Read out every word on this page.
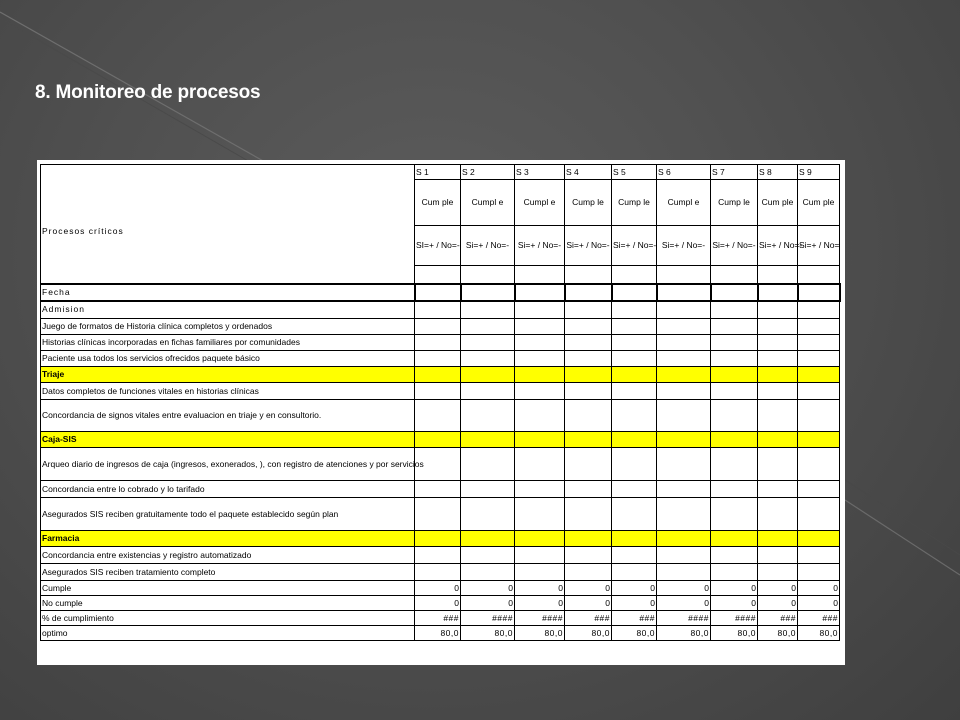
8. Monitoreo de procesos
	S 1	S 2	S 3	S 4	S 5	S 6	S 7	S 8	S 9
Procesos críticos	Cum ple	Cumpl e	Cumpl e	Cump le	Cump le	Cumpl e	Cump le	Cum ple	Cum ple
	SI=+ / No=-	Si=+ / No=-	Si=+ / No=-	Si=+ / No=-	Si=+ / No=-	Si=+ / No=-	Si=+ / No=-	Si=+ / No=-	Si=+ / No=

Fecha									
Admision									
Juego de formatos de Historia clínica completos y ordenados									
Historias clínicas incorporadas en fichas familiares por comunidades									
Paciente usa todos los servicios ofrecidos paquete básico									
Triaje									
Datos completos de funciones vitales en historias clínicas									
Concordancia de signos vitales entre evaluacion en triaje y en consultorio.									
Caja-SIS									
Arqueo diario de ingresos de caja (ingresos, exonerados, ), con registro de atenciones y por servicios									
Concordancia entre lo cobrado y lo tarifado									
Asegurados SIS reciben gratuitamente todo el paquete establecido según plan									
Farmacia									
Concordancia entre existencias y registro automatizado									
Asegurados SIS reciben tratamiento completo									
Cumple	0	0	0	0	0	0	0	0	0
No cumple	0	0	0	0	0	0	0	0	0
% de cumplimiento	###	####	####	###	###	####	####	###	###
optimo	80,0	80,0	80,0	80,0	80,0	80,0	80,0	80,0	80,0
